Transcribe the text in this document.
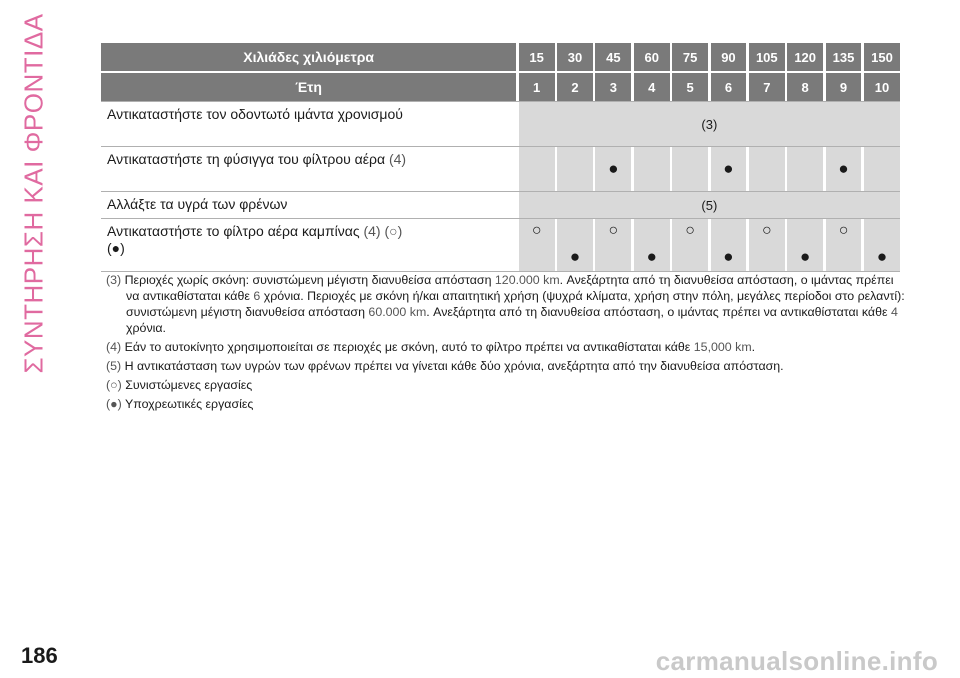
ΣΥΝΤΗΡΗΣΗ ΚΑΙ ΦΡΟΝΤΙΔΑ	Χιλιάδες χιλιόμετρα		15		30		45		60		75		90		105		120		135		150

Έτη		1		2		3		4		5		6		7		8		9		10

Αντικαταστήστε τον οδοντωτό ιμάντα χρονισμού		(3)																		

Αντικαταστήστε τη φύσιγγα του φίλτρου αέρα (4)						●						●						●		

Αλλάξτε τα υγρά των φρένων		(5)																		

Αντικαταστήστε το φίλτρο αέρα καμπίνας (4) (○)
(●)		○		●		○		●		○		●		○		●		○		●

(3) Περιοχές χωρίς σκόνη: συνιστώμενη μέγιστη διανυθείσα απόσταση 120.000 km. Ανεξάρτητα από τη διανυθείσα απόσταση, ο ιμάντας πρέπει να αντικαθίσταται κάθε 6 χρόνια. Περιοχές με σκόνη ή/και απαιτητική χρήση (ψυχρά κλίματα, χρήση στην πόλη, μεγάλες περίοδοι στο ρελαντί): συνιστώμενη μέγιστη διανυθείσα απόσταση 60.000 km. Ανεξάρτητα από τη διανυθείσα απόσταση, ο ιμάντας πρέπει να αντικαθίσταται κάθε 4 χρόνια.
(4) Εάν το αυτοκίνητο χρησιμοποιείται σε περιοχές με σκόνη, αυτό το φίλτρο πρέπει να αντικαθίσταται κάθε 15,000 km.
(5) Η αντικατάσταση των υγρών των φρένων πρέπει να γίνεται κάθε δύο χρόνια, ανεξάρτητα από την διανυθείσα απόσταση.
(○) Συνιστώμενες εργασίες
(●) Υποχρεωτικές εργασίες
186	carmanualsonline.info
